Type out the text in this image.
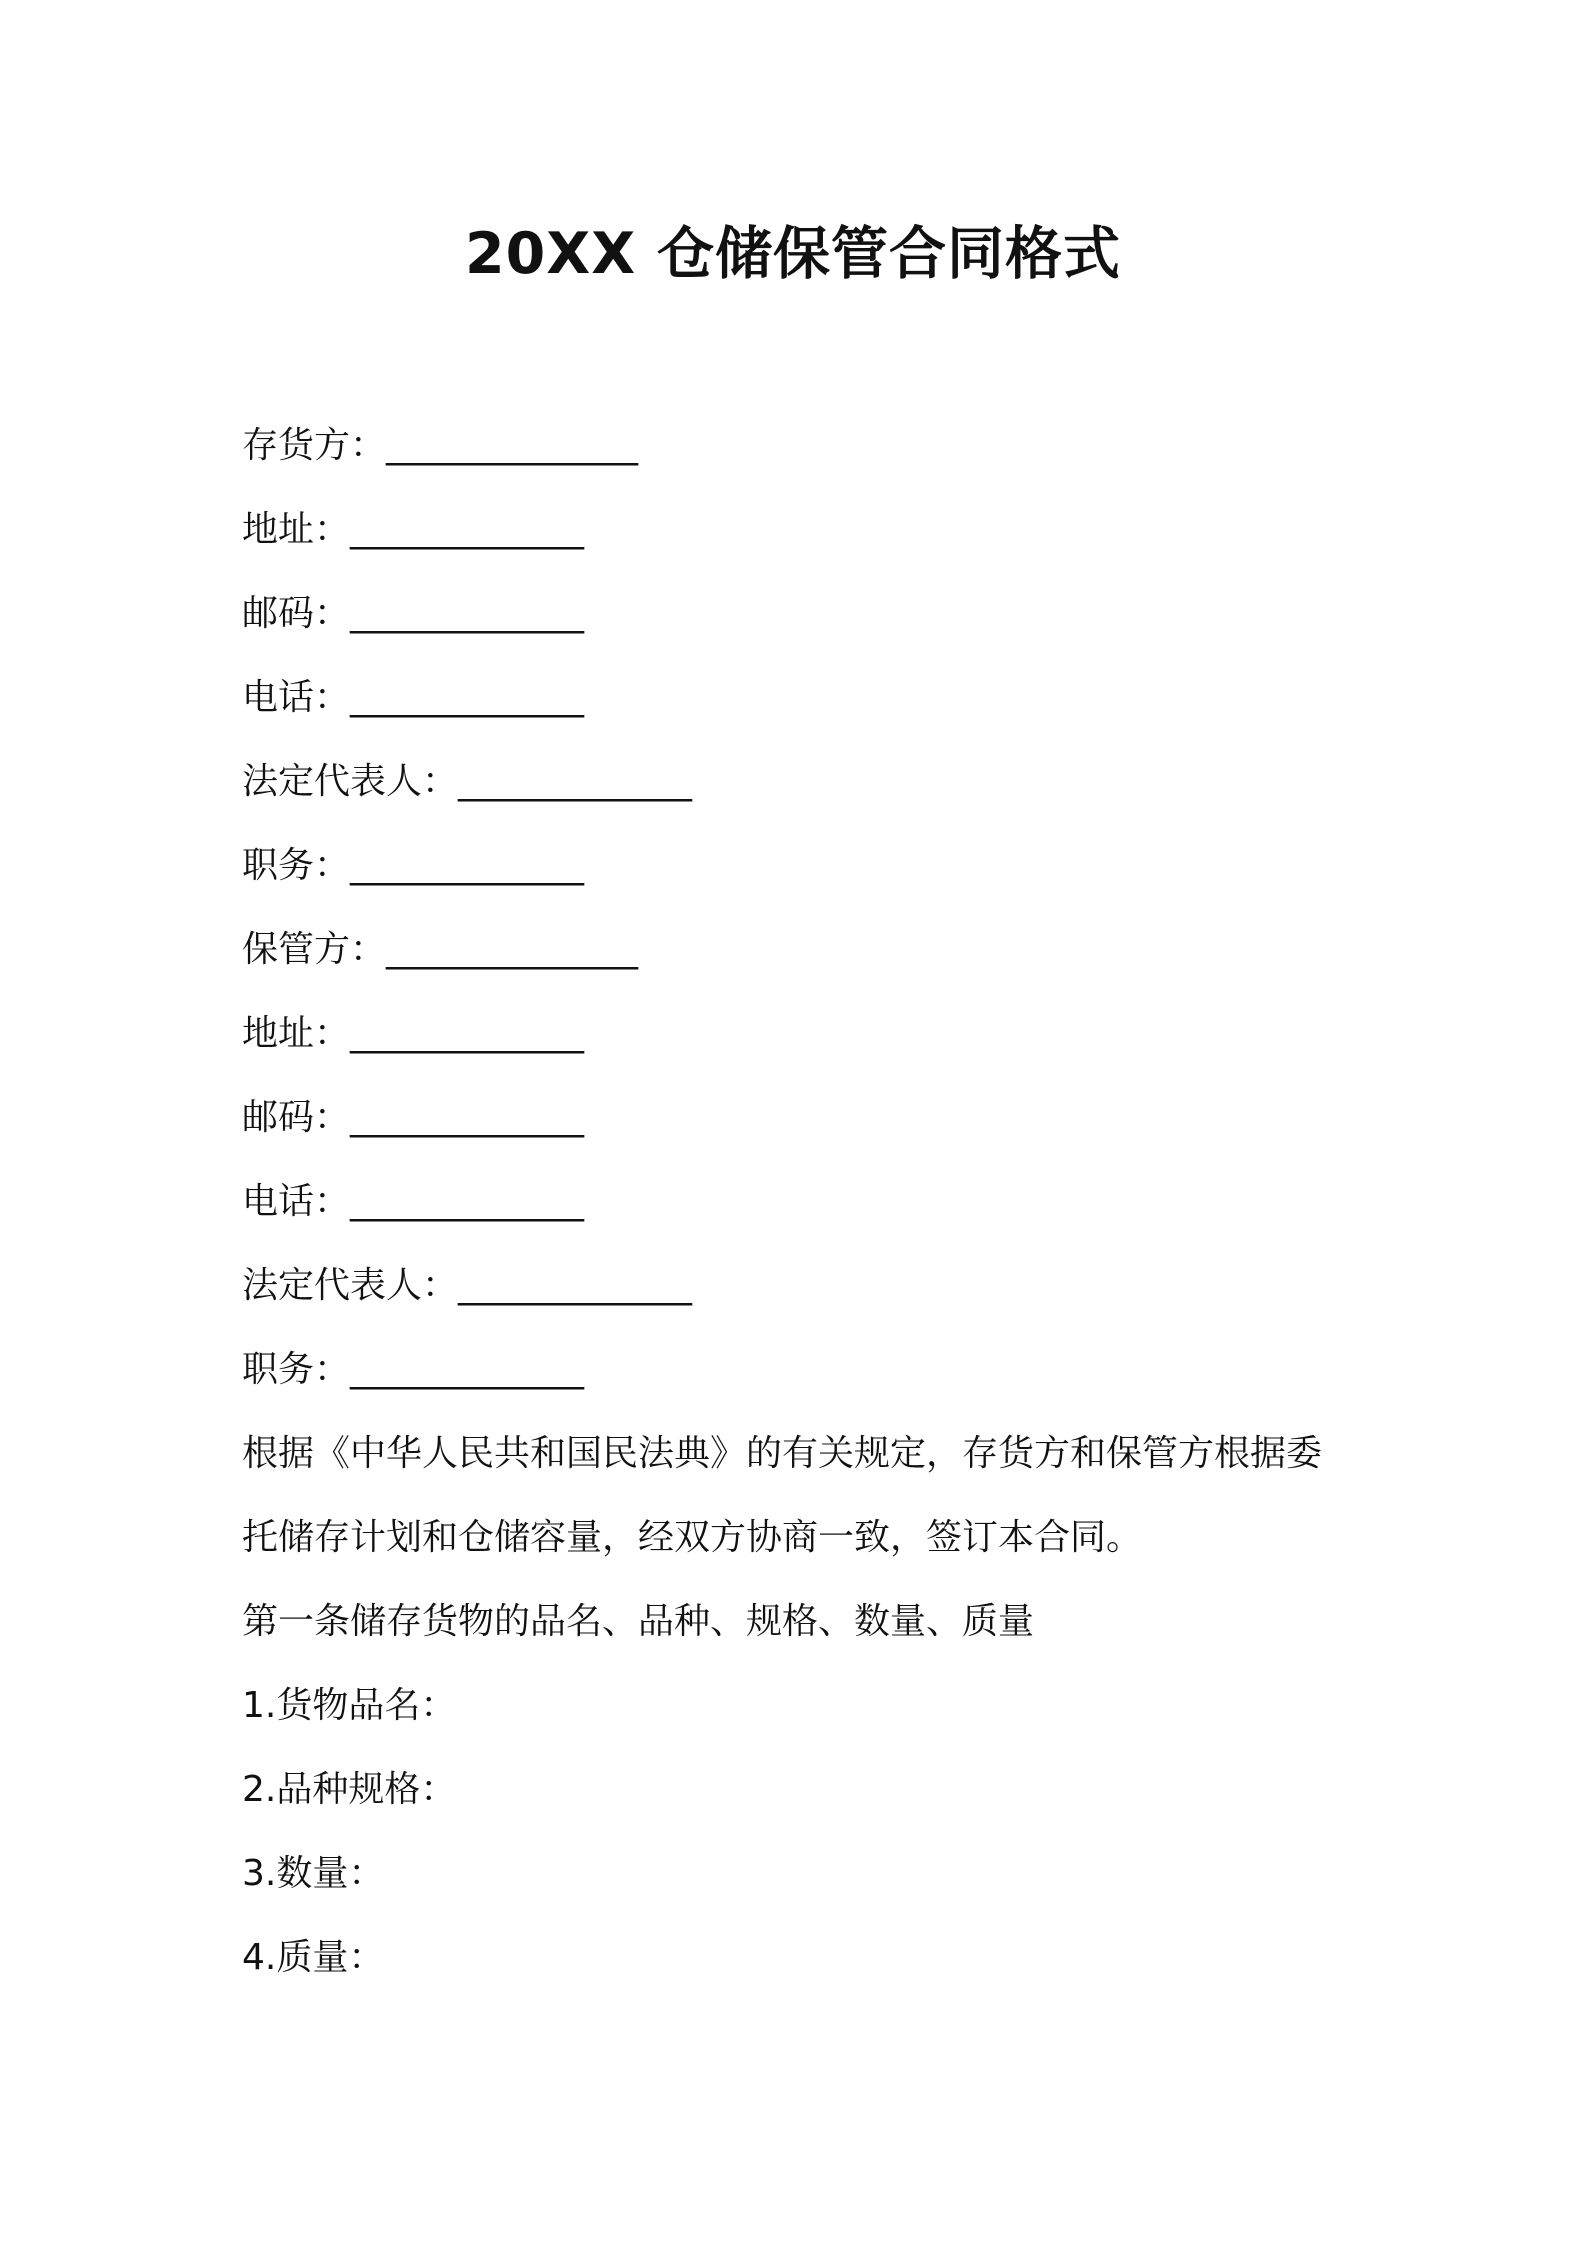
20XX 仓储保管合同格式
存货方：______________
地址：_____________
邮码：_____________
电话：_____________
法定代表人：_____________
职务：_____________
保管方：______________
地址：_____________
邮码：_____________
电话：_____________
法定代表人：_____________
职务：_____________
根据《中华人民共和国民法典》的有关规定，存货方和保管方根据委托储存计划和仓储容量，经双方协商一致，签订本合同。
第一条储存货物的品名、品种、规格、数量、质量
1.货物品名：
2.品种规格：
3.数量：
4.质量：
